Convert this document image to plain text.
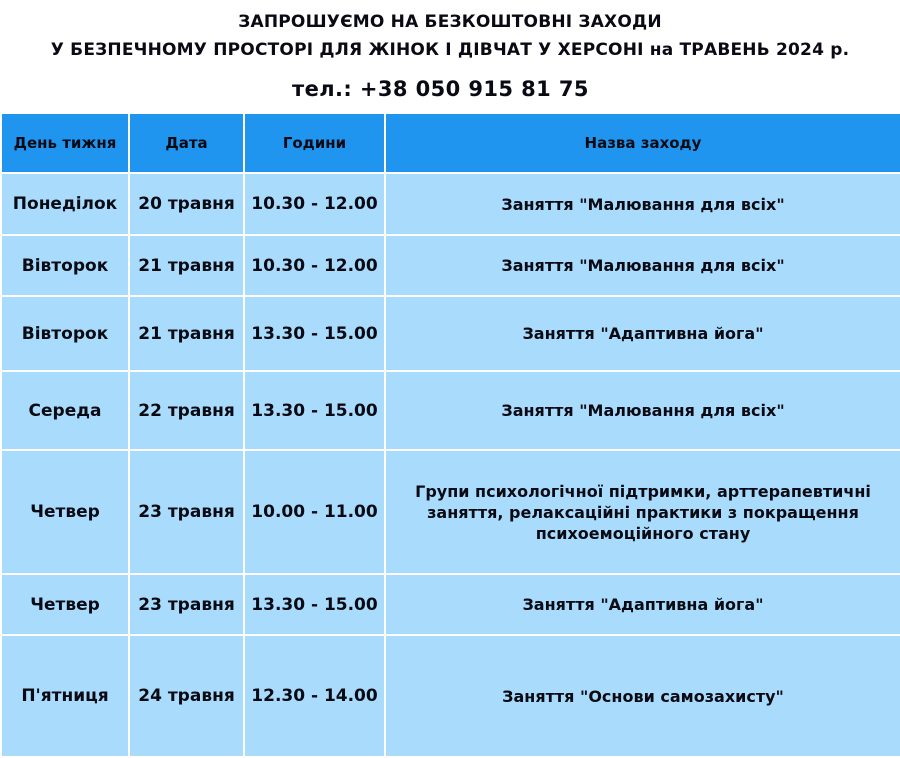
ЗАПРОШУЄМО НА БЕЗКОШТОВНІ ЗАХОДИ
У БЕЗПЕЧНОМУ ПРОСТОРІ ДЛЯ ЖІНОК І ДІВЧАТ У ХЕРСОНІ на ТРАВЕНЬ 2024 р.
тел.: +38 050 915 81 75
День тижня	Дата	Години	Назва заходу
Понеділок	20 травня	10.30 - 12.00	Заняття "Малювання для всіх"
Вівторок	21 травня	10.30 - 12.00	Заняття "Малювання для всіх"
Вівторок	21 травня	13.30 - 15.00	Заняття "Адаптивна йога"
Середа	22 травня	13.30 - 15.00	Заняття "Малювання для всіх"
Четвер	23 травня	10.00 - 11.00	Групи психологічної підтримки, арттерапевтичні заняття, релаксаційні практики з покращення психоемоційного стану
Четвер	23 травня	13.30 - 15.00	Заняття "Адаптивна йога"
П'ятниця	24 травня	12.30 - 14.00	Заняття "Основи самозахисту"
